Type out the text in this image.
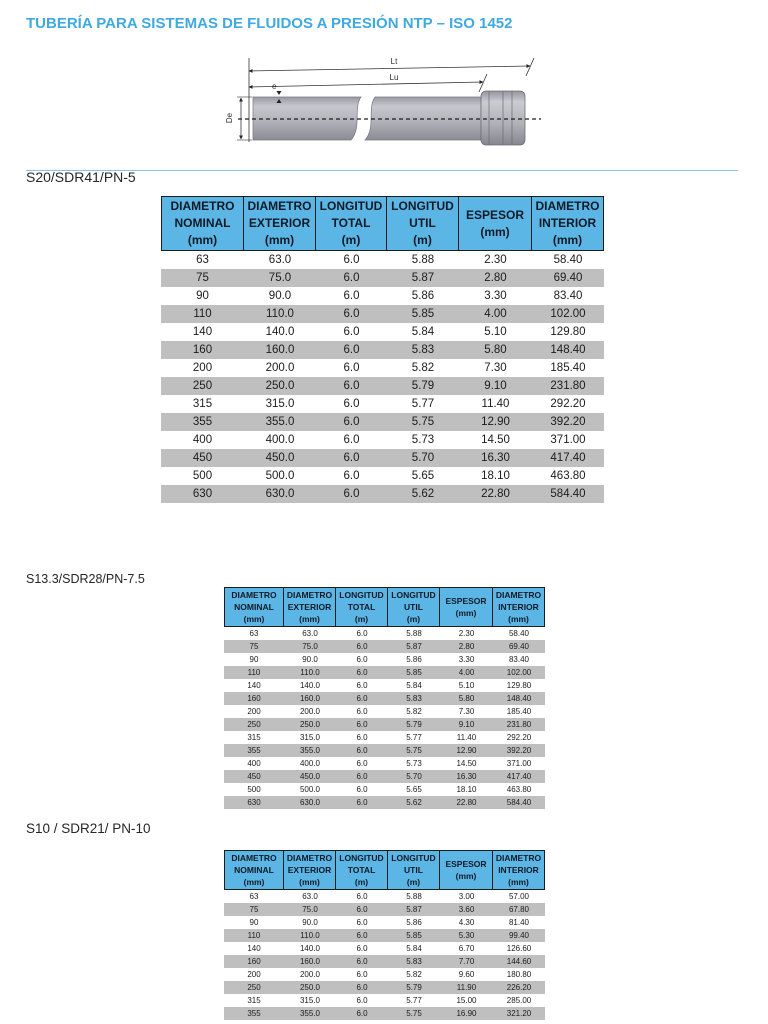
TUBERÍA PARA SISTEMAS DE FLUIDOS A PRESIÓN NTP – ISO 1452
Lt
Lu
De
e
S20/SDR41/PN-5
DIAMETRO
NOMINAL
(mm)
DIAMETRO
EXTERIOR
(mm)
LONGITUD
TOTAL
(m)
LONGITUD
UTIL
(m)
ESPESOR
(mm)
DIAMETRO
INTERIOR
(mm)
63	63.0	6.0	5.88	2.30	58.40
75	75.0	6.0	5.87	2.80	69.40
90	90.0	6.0	5.86	3.30	83.40
110	110.0	6.0	5.85	4.00	102.00
140	140.0	6.0	5.84	5.10	129.80
160	160.0	6.0	5.83	5.80	148.40
200	200.0	6.0	5.82	7.30	185.40
250	250.0	6.0	5.79	9.10	231.80
315	315.0	6.0	5.77	11.40	292.20
355	355.0	6.0	5.75	12.90	392.20
400	400.0	6.0	5.73	14.50	371.00
450	450.0	6.0	5.70	16.30	417.40
500	500.0	6.0	5.65	18.10	463.80
630	630.0	6.0	5.62	22.80	584.40
S13.3/SDR28/PN-7.5
DIAMETRO
NOMINAL
(mm)
DIAMETRO
EXTERIOR
(mm)
LONGITUD
TOTAL
(m)
LONGITUD
UTIL
(m)
ESPESOR
(mm)
DIAMETRO
INTERIOR
(mm)
63	63.0	6.0	5.88	2.30	58.40
75	75.0	6.0	5.87	2.80	69.40
90	90.0	6.0	5.86	3.30	83.40
110	110.0	6.0	5.85	4.00	102.00
140	140.0	6.0	5.84	5.10	129.80
160	160.0	6.0	5.83	5.80	148.40
200	200.0	6.0	5.82	7.30	185.40
250	250.0	6.0	5.79	9.10	231.80
315	315.0	6.0	5.77	11.40	292.20
355	355.0	6.0	5.75	12.90	392.20
400	400.0	6.0	5.73	14.50	371.00
450	450.0	6.0	5.70	16.30	417.40
500	500.0	6.0	5.65	18.10	463.80
630	630.0	6.0	5.62	22.80	584.40
S10 / SDR21/ PN-10
DIAMETRO
NOMINAL
(mm)
DIAMETRO
EXTERIOR
(mm)
LONGITUD
TOTAL
(m)
LONGITUD
UTIL
(m)
ESPESOR
(mm)
DIAMETRO
INTERIOR
(mm)
63	63.0	6.0	5.88	3.00	57.00
75	75.0	6.0	5.87	3.60	67.80
90	90.0	6.0	5.86	4.30	81.40
110	110.0	6.0	5.85	5.30	99.40
140	140.0	6.0	5.84	6.70	126.60
160	160.0	6.0	5.83	7.70	144.60
200	200.0	6.0	5.82	9.60	180.80
250	250.0	6.0	5.79	11.90	226.20
315	315.0	6.0	5.77	15.00	285.00
355	355.0	6.0	5.75	16.90	321.20
